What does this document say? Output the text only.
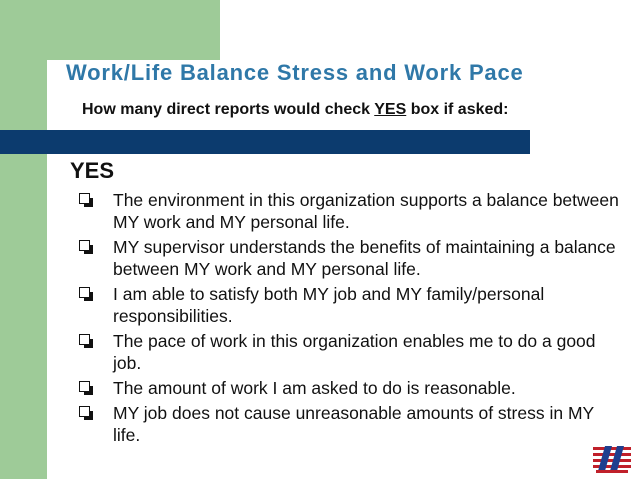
Work/Life Balance Stress and Work Pace

How many direct reports would check YES box if asked:

YES
The environment in this organization supports a balance between MY work and MY personal life.
MY supervisor understands the benefits of maintaining a balance between MY work and MY personal life.
I am able to satisfy both MY job and MY family/personal responsibilities.
The pace of work in this organization enables me to do a good job.
The amount of work I am asked to do is reasonable.
MY job does not cause unreasonable amounts of stress in MY life.
